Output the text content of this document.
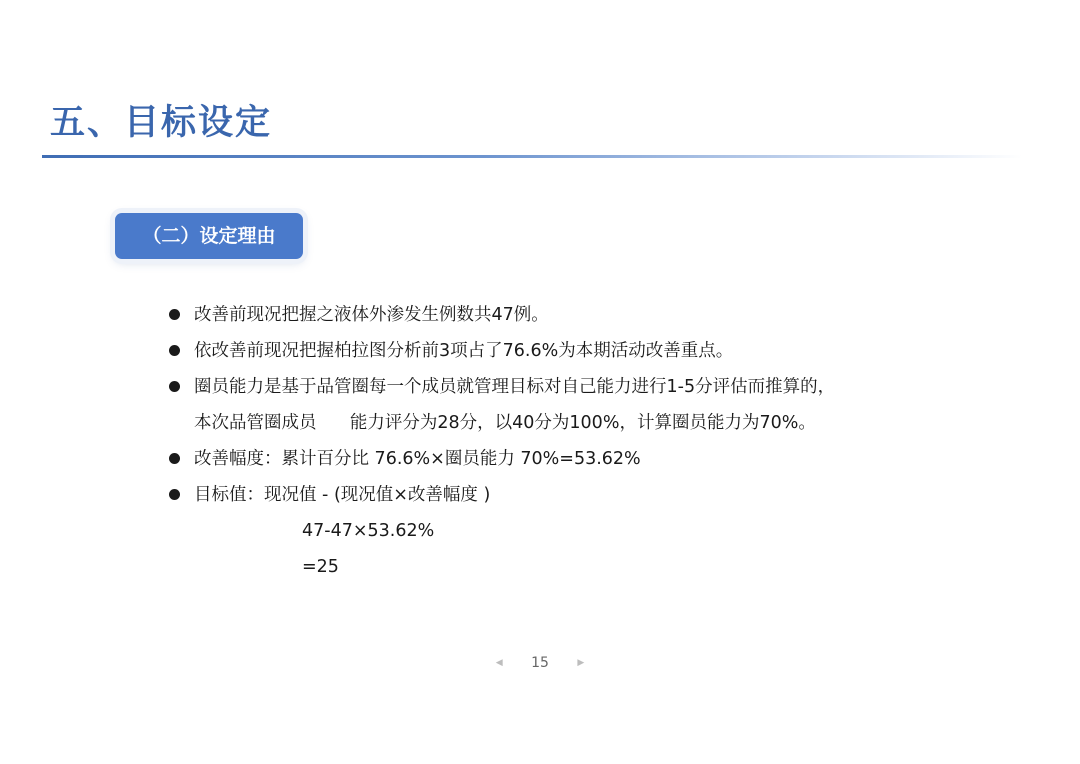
五、目标设定
（二）设定理由
改善前现况把握之液体外渗发生例数共47例。
依改善前现况把握柏拉图分析前3项占了76.6%为本期活动改善重点。
圈员能力是基于品管圈每一个成员就管理目标对自己能力进行1-5分评估而推算的，
本次品管圈成员      能力评分为28分，以40分为100%，计算圈员能力为70%。
改善幅度：累计百分比 76.6%×圈员能力 70%=53.62%
目标值：现况值 - (现况值×改善幅度 )
47-47×53.62%
=25
◀ 15	▶
